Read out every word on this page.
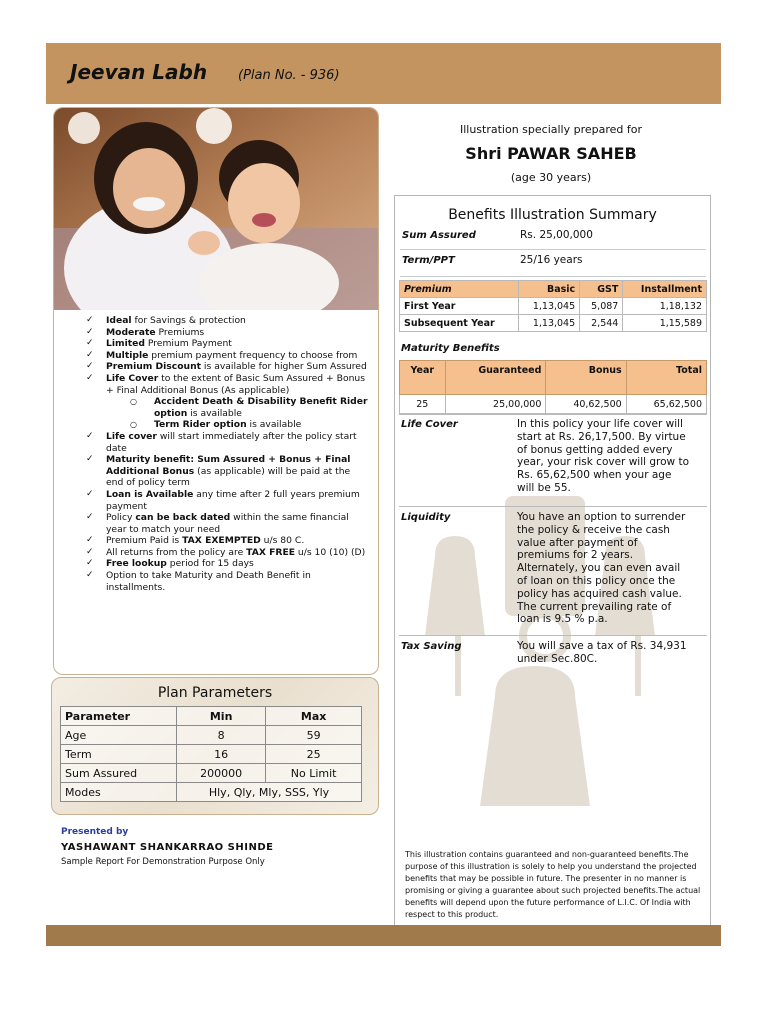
Jeevan Labh (Plan No. - 936)
✓ Ideal for Savings & protection
✓ Moderate Premiums
✓ Limited Premium Payment
✓ Multiple premium payment frequency to choose from
✓ Premium Discount is available for higher Sum Assured
✓ Life Cover to the extent of Basic Sum Assured + Bonus + Final Additional Bonus (As applicable)
○ Accident Death & Disability Benefit Rider option is available
○ Term Rider option is available
✓ Life cover will start immediately after the policy start date
✓ Maturity benefit: Sum Assured + Bonus + Final Additional Bonus (as applicable) will be paid at the end of policy term
✓ Loan is Available any time after 2 full years premium payment
✓ Policy can be back dated within the same financial year to match your need
✓ Premium Paid is TAX EXEMPTED u/s 80 C.
✓ All returns from the policy are TAX FREE u/s 10 (10) (D)
✓ Free lookup period for 15 days
✓ Option to take Maturity and Death Benefit in installments.
Plan Parameters
Parameter	Min	Max
Age	8	59
Term	16	25
Sum Assured	200000	No Limit
Modes	Hly, Qly, Mly, SSS, Yly	
Presented by
YASHAWANT SHANKARRAO SHINDE
Sample Report For Demonstration Purpose Only
Illustration specially prepared for
Shri PAWAR SAHEB
(age 30 years)
Benefits Illustration Summary
Sum Assured	Rs. 25,00,000
Term/PPT	25/16 years
Premium	Basic	GST	Installment
First Year	1,13,045	5,087	1,18,132
Subsequent Year	1,13,045	2,544	1,15,589
Maturity Benefits
Year	Guaranteed	Bonus	Total
25	25,00,000	40,62,500	65,62,500
Life Cover	In this policy your life cover will start at Rs. 26,17,500. By virtue of bonus getting added every year, your risk cover will grow to Rs. 65,62,500 when your age will be 55.
Liquidity	You have an option to surrender the policy & receive the cash value after payment of premiums for 2 years. Alternately, you can even avail of loan on this policy once the policy has acquired cash value. The current prevailing rate of loan is 9.5 % p.a.
Tax Saving	You will save a tax of Rs. 34,931 under Sec.80C.
This illustration contains guaranteed and non-guaranteed benefits.The purpose of this illustration is solely to help you understand the projected benefits that may be possible in future. The presenter in no manner is promising or giving a guarantee about such projected benefits.The actual benefits will depend upon the future performance of L.I.C. Of India with respect to this product.
